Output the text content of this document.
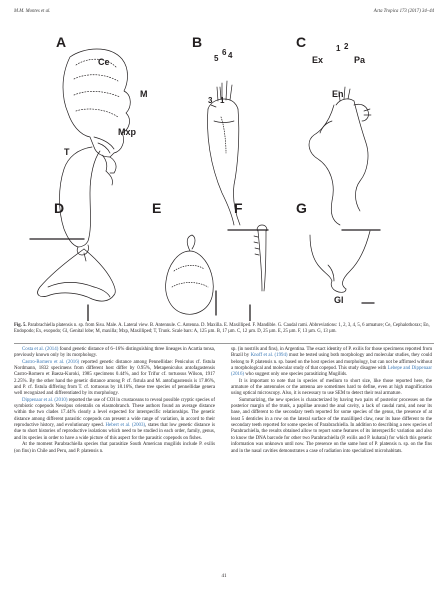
M.M. Montes et al.	Acta Tropica 173 (2017) 34–44
A	B	C
D	E	F	G
Ce
M
Mxp
T
3
5
6 4
1
1 2
Ex	Pa
En
Gl
Fig. 5. Parabrachiella platensis n. sp. from Sisu. Male. A. Lateral view. B. Antennule. C. Antenna. D. Maxilla. E. Maxilliped. F. Mandible. G. Caudal rami. Abbreviations: 1, 2, 3, 4, 5, 6 armature; Ce, Cephalothorax; En, Endopodo; Ex, exopodo; Gl, Genital lobe; M, maxilla; Mxp, Maxilliped; T, Trunk. Scale bars: A, 125 µm. B, 17 µm. C, 12 µm. D, 25 µm. E, 25 µm. F, 13 µm. G, 13 µm.

Costa et al. (2014) found genetic distance of 6–16% distinguishing three lineages in Acartia tonsa, previously known only by its morphology.

Castro-Romero et al. (2016) reported genetic distance among Pennellidae: Peniculus cf. fistula Nordmann, 1832 specimens from different host differ by 0.95%, Metapeniculus antofagastensis Castro-Romero et Baeza-Kuroki, 1985 specimens 0.44%, and for Trifur cf. tortuosus Wilson, 1917 2.25%. By the other hand the genetic distance among P. cf. fistula and M. antofagastensis is 17.86%, and P. cf. fistula differing from T. cf. tortuosus by 18.16%, these tree species of pennellidae genera well recognized and differentiated by its morphology.

Dippenaar et al. (2010) reported the use of COI in crustaceans to reveal possible cryptic species of symbiotic copepods Nessipus orientalis on elasmobranch. These authors found an average distance within the two clades 17.44% clearly a level expected for interspecific relationships. The genetic distance among different parasitic copepods can present a wide range of variation, in accord to their reproductive history, and evolutionary speed. Hebert et al. (2003), states that low genetic distance is due to short histories of reproductive isolations which need to be studied in each order, family, genus, and its species in order to have a wide picture of this aspect for the parasitic copepods on fishes.

At the moment Parabrachiella species that parasitize South American mugilids include P. exilis (on fins) in Chile and Peru, and P. platensis n.

sp. (in nostrils and fins), in Argentina. The exact identity of P. exilis for those specimens reported from Brazil by Knoff et al. (1994) must be tested using both morphology and molecular studies, they could belong to P. platensis n. sp. based on the host species and morphology, but can not be affirmed without a morphological and molecular study of that copepod. This study disagree with Lebepe and Dippenaar (2016) who suggest only one species parasitizing Mugilids.

It is important to note that in species of medium to short size, like those reported here, the armature of the antennules or the antenna are sometimes hard to define, even at high magnification using optical microscopy. Also, it is necessary to use SEM to detect their real armature.

Summarizing, the new species is characterized by having two pairs of posterior processes on the posterior margin of the trunk, a papillae around the anal cavity, a lack of caudal rami, and near its base, and different to the secondary teeth reported for some species of the genus, the presence of at least 5 denticles in a row on the lateral surface of the maxilliped claw, near its base different to the secondary teeth reported for some species of Parabrachiella. In addition to describing a new species of Parabrachiella, the results obtained allow to report some features of its interspecific variation and also to know the DNA barcode for other two Parabrachiella (P. exilis and P. kuhatai) for which this genetic information was unknown until now. The presence on the same host of P. platensis n. sp. on the fins and in the nasal cavities demonstrates a case of radiation into specialized microhabitats.

41
